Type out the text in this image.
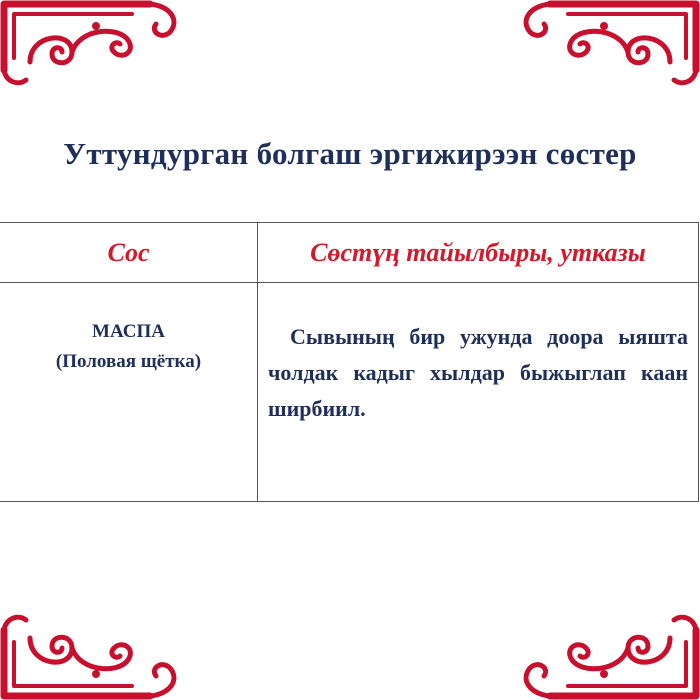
Уттундурган болгаш эргижирээн сөстер
Сос	Сөстүң тайылбыры, утказы
МАСПА
(Половая щётка)
Сывының бир ужунда доора ыяшта чолдак кадыг хылдар быжыглап каан ширбиил.
